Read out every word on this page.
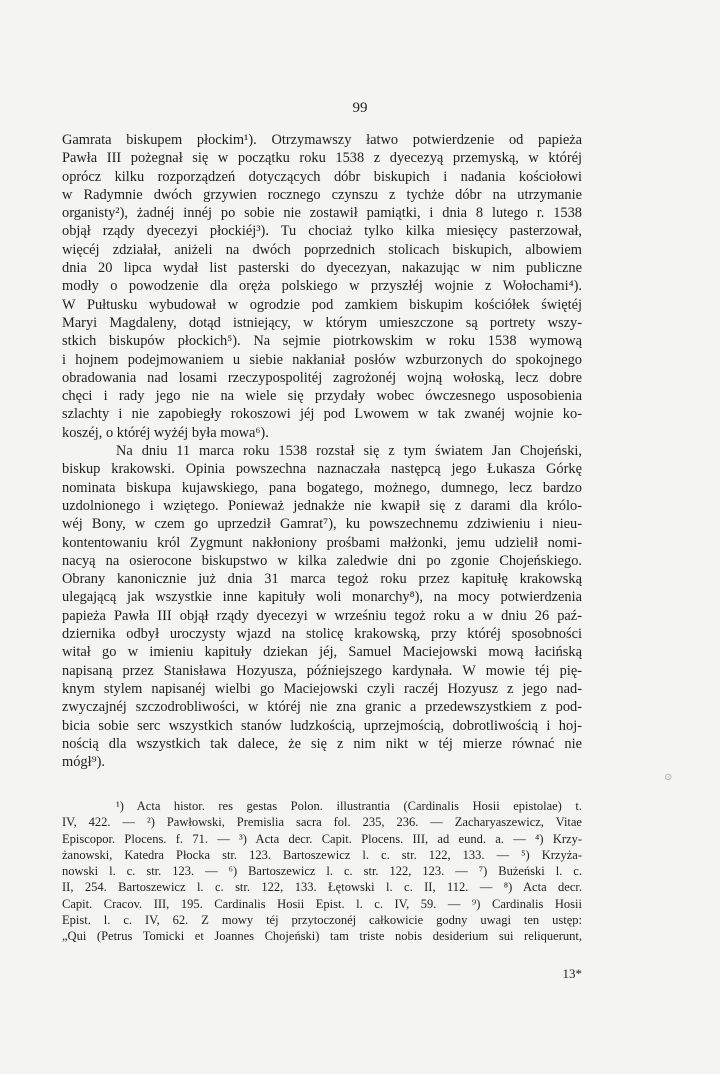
99
Gamrata biskupem płockim¹). Otrzymawszy łatwo potwierdzenie od papieża
Pawła III pożegnał się w początku roku 1538 z dyecezyą przemyską, w któréj
oprócz kilku rozporządzeń dotyczących dóbr biskupich i nadania kościołowi
w Radymnie dwóch grzywien rocznego czynszu z tychże dóbr na utrzymanie
organisty²), żadnéj innéj po sobie nie zostawił pamiątki, i dnia 8 lutego r. 1538
objął rządy dyecezyi płockiéj³). Tu chociaż tylko kilka miesięcy pasterzował,
więcéj zdziałał, aniżeli na dwóch poprzednich stolicach biskupich, albowiem
dnia 20 lipca wydał list pasterski do dyecezyan, nakazując w nim publiczne
modły o powodzenie dla oręża polskiego w przyszłéj wojnie z Wołochami⁴).
W Pułtusku wybudował w ogrodzie pod zamkiem biskupim kościółek świętéj
Maryi Magdaleny, dotąd istniejący, w którym umieszczone są portrety wszy-
stkich biskupów płockich⁵). Na sejmie piotrkowskim w roku 1538 wymową
i hojnem podejmowaniem u siebie nakłaniał posłów wzburzonych do spokojnego
obradowania nad losami rzeczypospolitéj zagrożonéj wojną wołoską, lecz dobre
chęci i rady jego nie na wiele się przydały wobec ówczesnego usposobienia
szlachty i nie zapobiegły rokoszowi jéj pod Lwowem w tak zwanéj wojnie ko-
koszéj, o któréj wyżéj była mowa⁶).
Na dniu 11 marca roku 1538 rozstał się z tym światem Jan Chojeński,
biskup krakowski. Opinia powszechna naznaczała następcą jego Łukasza Górkę
nominata biskupa kujawskiego, pana bogatego, możnego, dumnego, lecz bardzo
uzdolnionego i wziętego. Ponieważ jednakże nie kwapił się z darami dla królo-
wéj Bony, w czem go uprzedził Gamrat⁷), ku powszechnemu zdziwieniu i nieu-
kontentowaniu król Zygmunt nakłoniony prośbami małżonki, jemu udzielił nomi-
nacyą na osierocone biskupstwo w kilka zaledwie dni po zgonie Chojeńskiego.
Obrany kanonicznie już dnia 31 marca tegoż roku przez kapitułę krakowską
ulegającą jak wszystkie inne kapituły woli monarchy⁸), na mocy potwierdzenia
papieża Pawła III objął rządy dyecezyi w wrześniu tegoż roku a w dniu 26 paź-
dziernika odbył uroczysty wjazd na stolicę krakowską, przy któréj sposobności
witał go w imieniu kapituły dziekan jéj, Samuel Maciejowski mową łacińską
napisaną przez Stanisława Hozyusza, późniejszego kardynała. W mowie téj pię-
knym stylem napisanéj wielbi go Maciejowski czyli raczéj Hozyusz z jego nad-
zwyczajnéj szczodrobliwości, w któréj nie zna granic a przedewszystkiem z pod-
bicia sobie serc wszystkich stanów ludzkością, uprzejmością, dobrotliwością i hoj-
nością dla wszystkich tak dalece, że się z nim nikt w téj mierze równać nie
mógł⁹).
⊙
¹) Acta histor. res gestas Polon. illustrantia (Cardinalis Hosii epistolae) t.
IV, 422. — ²) Pawłowski, Premislia sacra fol. 235, 236. — Zacharyaszewicz, Vitae
Episcopor. Plocens. f. 71. — ³) Acta decr. Capit. Plocens. III, ad eund. a. — ⁴) Krzy-
żanowski, Katedra Płocka str. 123. Bartoszewicz l. c. str. 122, 133. — ⁵) Krzyża-
nowski l. c. str. 123. — ⁶) Bartoszewicz l. c. str. 122, 123. — ⁷) Bużeński l. c.
II, 254. Bartoszewicz l. c. str. 122, 133. Łętowski l. c. II, 112. — ⁸) Acta decr.
Capit. Cracov. III, 195. Cardinalis Hosii Epist. l. c. IV, 59. — ⁹) Cardinalis Hosii
Epist. l. c. IV, 62. Z mowy téj przytoczonéj całkowicie godny uwagi ten ustęp:
„Qui (Petrus Tomicki et Joannes Chojeński) tam triste nobis desiderium sui reliquerunt,
13*
